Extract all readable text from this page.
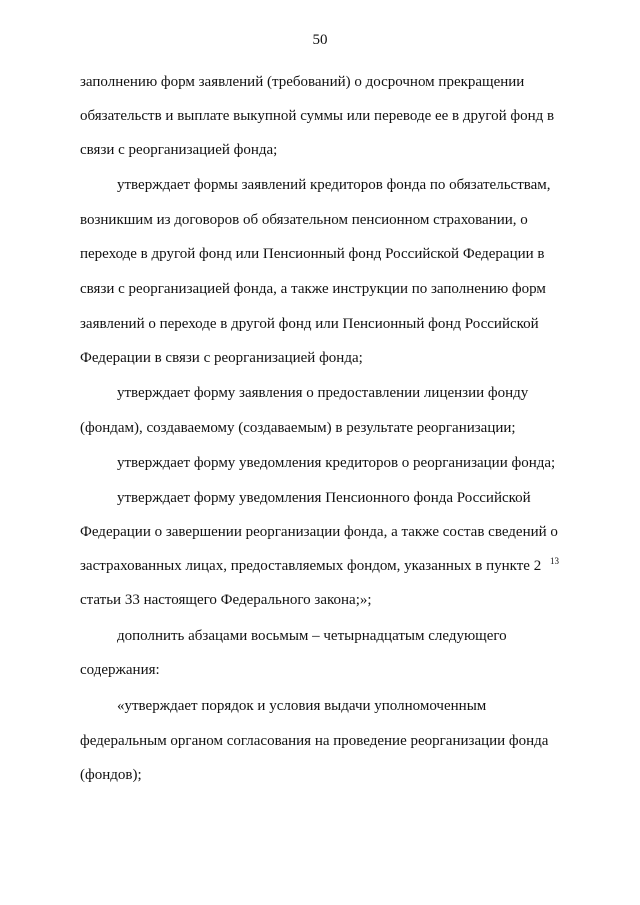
50
заполнению форм заявлений (требований) о досрочном прекращении
обязательств и выплате выкупной суммы или переводе ее в другой фонд в
связи с реорганизацией фонда;
утверждает формы заявлений кредиторов фонда по обязательствам,
возникшим из договоров об обязательном пенсионном страховании, о
переходе в другой фонд или Пенсионный фонд Российской Федерации в
связи с реорганизацией фонда, а также инструкции по заполнению форм
заявлений о переходе в другой фонд или Пенсионный фонд Российской
Федерации в связи с реорганизацией фонда;
утверждает форму заявления о предоставлении лицензии фонду
(фондам), создаваемому (создаваемым) в результате реорганизации;
утверждает форму уведомления кредиторов о реорганизации фонда;
утверждает форму уведомления Пенсионного фонда Российской
Федерации о завершении реорганизации фонда, а также состав сведений о
застрахованных лицах, предоставляемых фондом, указанных в пункте 2 $^{13}$
статьи 33 настоящего Федерального закона;»;
дополнить абзацами восьмым – четырнадцатым следующего
содержания:
«утверждает порядок и условия выдачи уполномоченным
федеральным органом согласования на проведение реорганизации фонда
(фондов);
